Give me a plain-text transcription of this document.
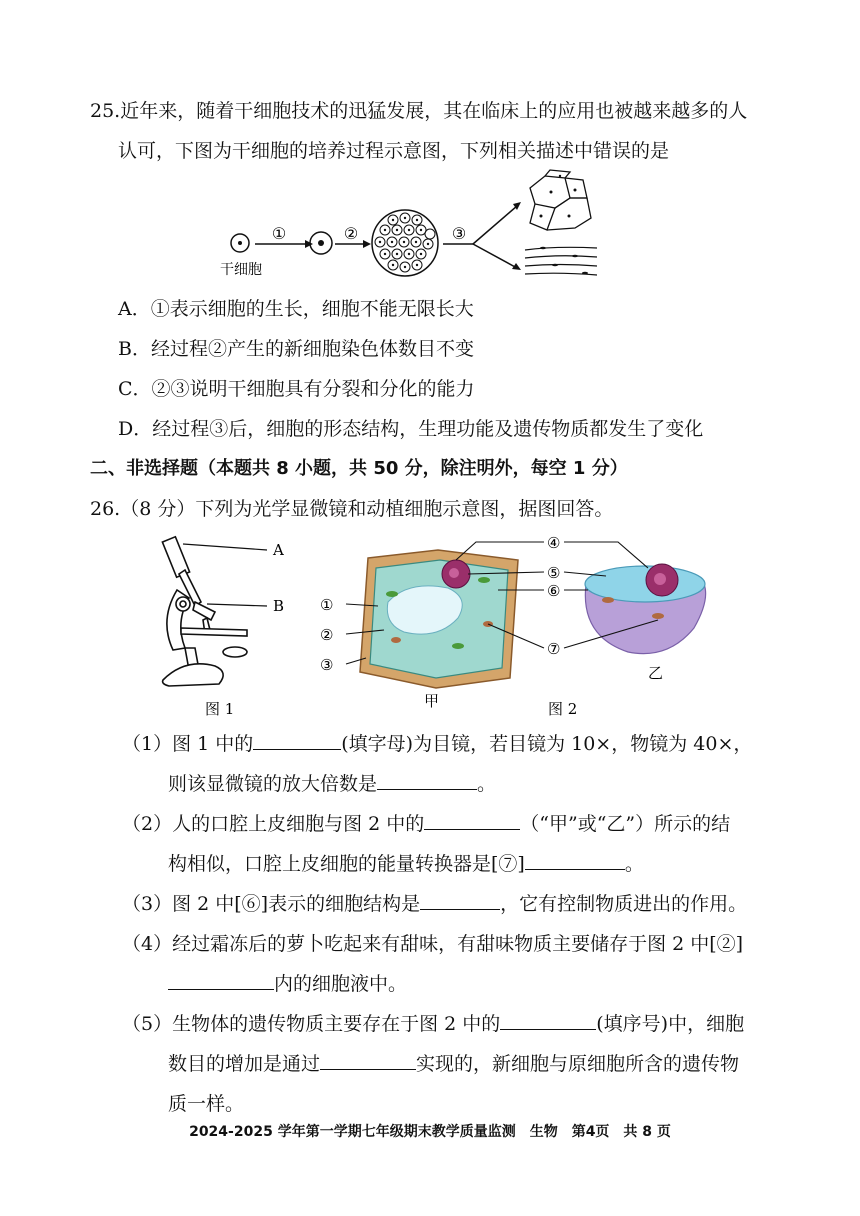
25.近年来，随着干细胞技术的迅猛发展，其在临床上的应用也被越来越多的人
认可，下图为干细胞的培养过程示意图，下列相关描述中错误的是
①	②	③
干细胞
A．①表示细胞的生长，细胞不能无限长大
B．经过程②产生的新细胞染色体数目不变
C．②③说明干细胞具有分裂和分化的能力
D．经过程③后，细胞的形态结构，生理功能及遗传物质都发生了变化
二、非选择题（本题共 8 小题，共 50 分，除注明外，每空 1 分）
26.（8 分）下列为光学显微镜和动植细胞示意图，据图回答。
A
B
图 1
①
②
③
④
⑤
⑥
⑦
甲
乙
图 2
（1）图 1 中的	(填字母)为目镜，若目镜为 10×，物镜为 40×，
则该显微镜的放大倍数是	。
（2）人的口腔上皮细胞与图 2 中的	（“甲”或“乙”）所示的结
构相似，口腔上皮细胞的能量转换器是[⑦]	。
（3）图 2 中[⑥]表示的细胞结构是	，它有控制物质进出的作用。
（4）经过霜冻后的萝卜吃起来有甜味，有甜味物质主要储存于图 2 中[②]
内的细胞液中。
（5）生物体的遗传物质主要存在于图 2 中的	(填序号)中，细胞
数目的增加是通过	实现的，新细胞与原细胞所含的遗传物
质一样。
2024-2025 学年第一学期七年级期末教学质量监测　生物　第4页　共 8 页
